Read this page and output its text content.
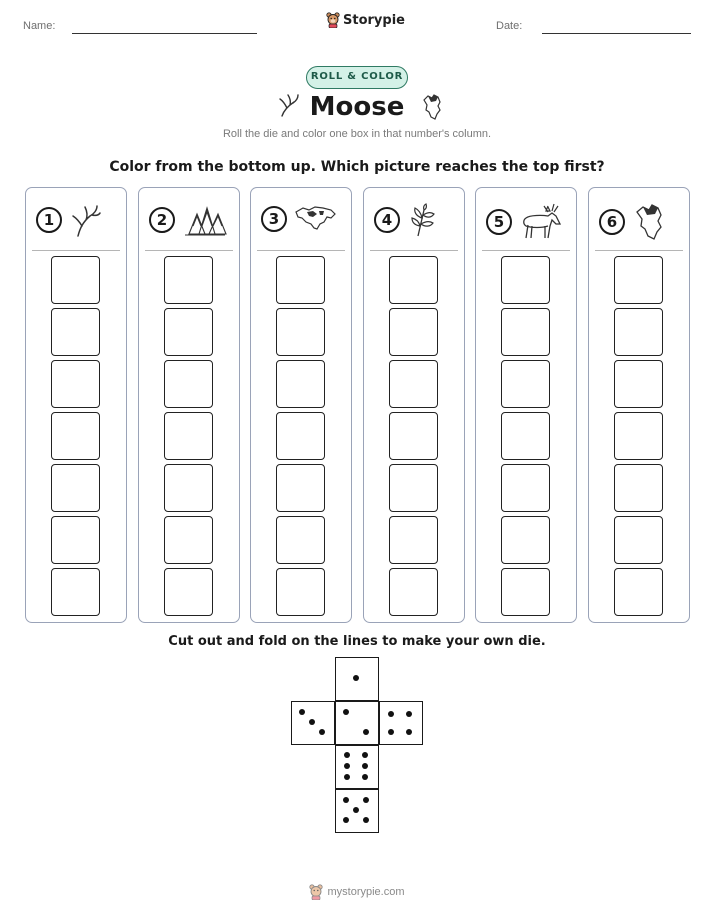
Name:	Storypie	Date:
ROLL & COLOR
Moose
Roll the die and color one box in that number's column.
Color from the bottom up. Which picture reaches the top first?
1	2	3	4	5	6
Cut out and fold on the lines to make your own die.
mystorypie.com
